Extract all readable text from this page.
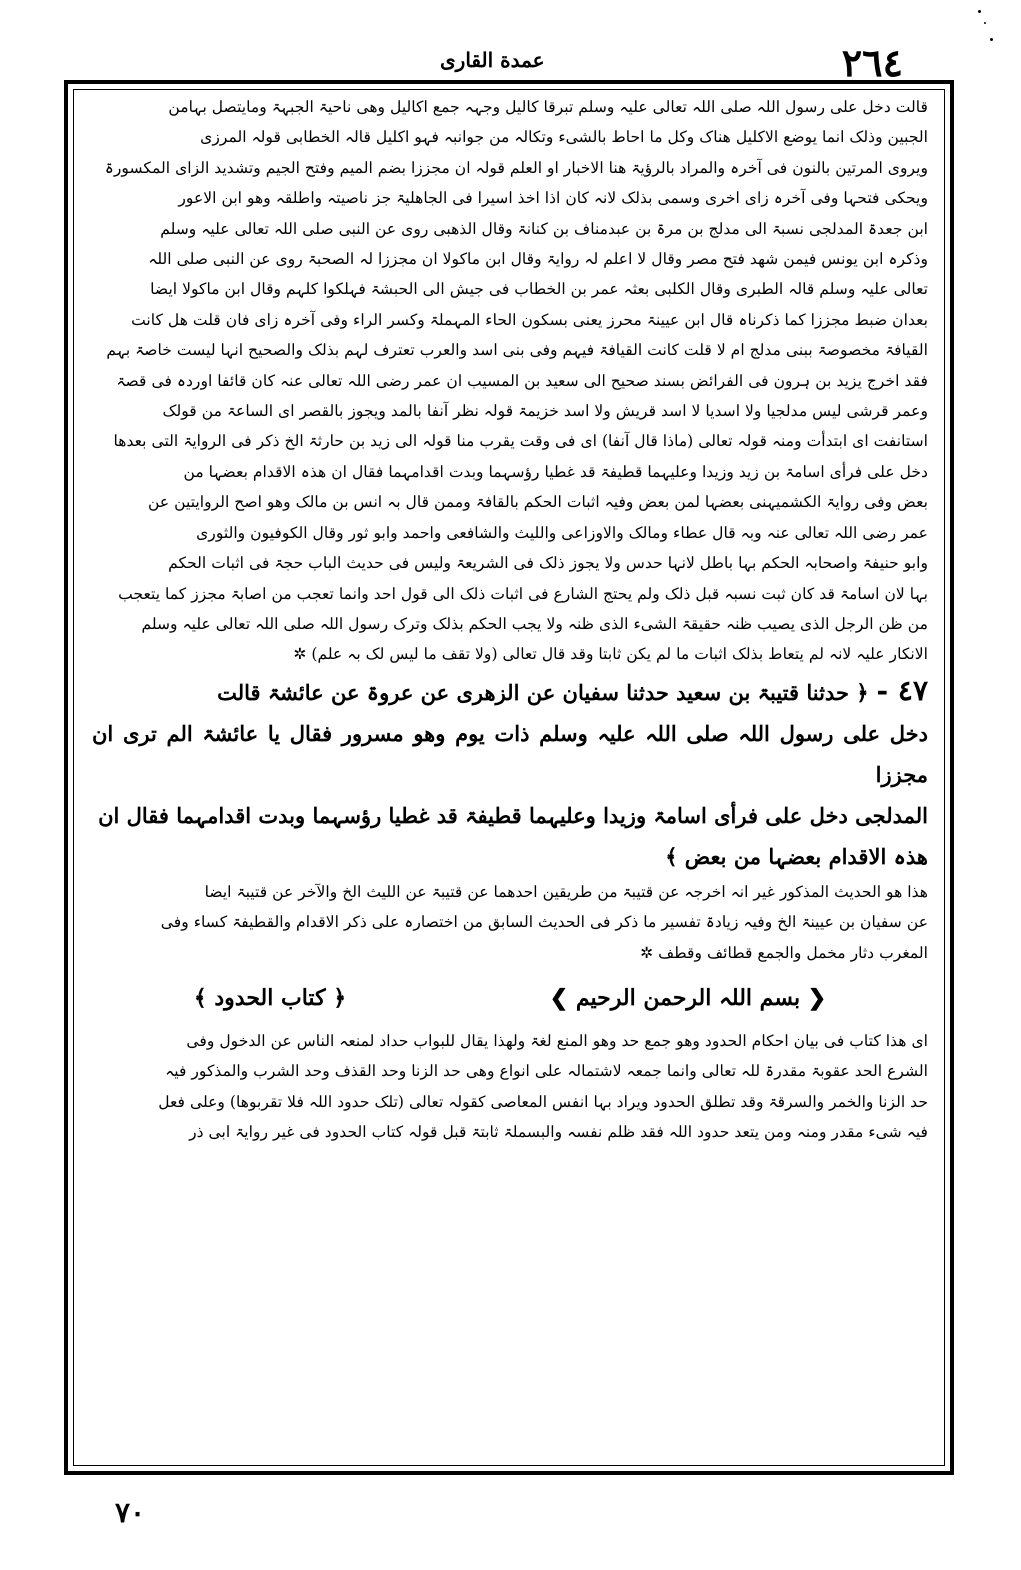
٢٦٤
عمدة القاری

قالت دخل علی رسول اللہ صلی اللہ تعالی علیہ وسلم تبرقا کالیل وجہہ جمع اکالیل وھی ناحیۃ الجبہۃ ومایتصل بہامن

الجبین وذلک انما یوضع الاکلیل ھناک وکل ما احاط بالشیء وتکالہ من جوانبہ فہو اکلیل قالہ الخطابی قولہ المرزی

ویروی المرتین بالنون فی آخرہ والمراد بالرؤیۃ ھنا الاخبار او العلم قولہ ان مجززا بضم المیم وفتح الجیم وتشدید الزای المکسورۃ

ویحکی فتحہا وفی آخرہ زای اخری وسمی بذلک لانہ کان اذا اخذ اسیرا فی الجاھلیۃ جز ناصیتہ واطلقہ وھو ابن الاعور

ابن جعدۃ المدلجی نسبۃ الی مدلج بن مرۃ بن عبدمناف بن کنانۃ وقال الذھبی روی عن النبی صلی اللہ تعالی علیہ وسلم

وذکرہ ابن یونس فیمن شھد فتح مصر وقال لا اعلم لہ روایۃ وقال ابن ماکولا ان مجززا لہ الصحبۃ روی عن النبی صلی اللہ

تعالی علیہ وسلم قالہ الطبری وقال الکلبی بعثہ عمر بن الخطاب فی جیش الی الحبشۃ فہلکوا کلہم وقال ابن ماکولا ایضا

بعدان ضبط مجززا کما ذکرناہ قال ابن عیینۃ محرز یعنی بسکون الحاء المہملۃ وکسر الراء وفی آخرہ زای فان قلت ھل کانت

القیافۃ مخصوصۃ ببنی مدلج ام لا قلت کانت القیافۃ فیہم وفی بنی اسد والعرب تعترف لہم بذلک والصحیح انہا لیست خاصۃ بہم

فقد اخرج یزید بن ہرون فی الفرائض بسند صحیح الی سعید بن المسیب ان عمر رضی اللہ تعالی عنہ کان قائفا اوردہ فی قصۃ

وعمر قرشی لیس مدلجیا ولا اسدیا لا اسد قریش ولا اسد خزیمۃ قولہ نظر آنفا بالمد ویجوز بالقصر ای الساعۃ من قولک

استانفت ای ابتدأت ومنہ قولہ تعالی (ماذا قال آنفا) ای فی وقت یقرب منا قولہ الی زید بن حارثۃ الخ ذکر فی الروایۃ التی بعدھا

دخل علی فرأی اسامۃ بن زید وزیدا وعلیہما قطیفۃ قد غطیا رؤسہما وبدت اقدامہما فقال ان ھذہ الاقدام بعضہا من

بعض وفی روایۃ الکشمیہنی بعضہا لمن بعض وفیہ اثبات الحکم بالقافۃ وممن قال بہ انس بن مالک وھو اصح الروایتین عن

عمر رضی اللہ تعالی عنہ وبہ قال عطاء ومالک والاوزاعی واللیث والشافعی واحمد وابو ثور وقال الکوفیون والثوری

وابو حنیفۃ واصحابہ الحکم بہا باطل لانہا حدس ولا یجوز ذلک فی الشریعۃ ولیس فی حدیث الباب حجۃ فی اثبات الحکم

بہا لان اسامۃ قد کان ثبت نسبہ قبل ذلک ولم یحتج الشارع فی اثبات ذلک الی قول احد وانما تعجب من اصابۃ مجزز کما یتعجب

من ظن الرجل الذی یصیب ظنہ حقیقۃ الشیء الذی ظنہ ولا یجب الحکم بذلک وترک رسول اللہ صلی اللہ تعالی علیہ وسلم

الانکار علیہ لانہ لم یتعاط بذلک اثبات ما لم یکن ثابتا وقد قال تعالی (ولا تقف ما لیس لک بہ علم) ✲

٤٧ -﴿ حدثنا قتیبۃ بن سعید حدثنا سفیان عن الزھری عن عروۃ عن عائشۃ قالت

دخل علی رسول اللہ صلی اللہ علیہ وسلم ذات یوم وھو مسرور فقال یا عائشۃ الم تری ان مجززا

المدلجی دخل علی فرأی اسامۃ وزیدا وعلیہما قطیفۃ قد غطیا رؤسہما وبدت اقدامہما فقال ان

ھذہ الاقدام بعضہا من بعض ﴾

ھذا ھو الحدیث المذکور غیر انہ اخرجہ عن قتیبۃ من طریقین احدھما عن قتیبۃ عن اللیث الخ والآخر عن قتیبۃ ایضا

عن سفیان بن عیینۃ الخ وفیہ زیادۃ تفسیر ما ذکر فی الحدیث السابق من اختصارہ علی ذکر الاقدام والقطیفۃ کساء وفی

المغرب دثار مخمل والجمع قطائف وقطف ✲

❮ بسم اللہ الرحمن الرحیم ❯
﴿ کتاب الحدود ﴾

ای ھذا کتاب فی بیان احکام الحدود وھو جمع حد وھو المنع لغۃ ولھذا یقال للبواب حداد لمنعہ الناس عن الدخول وفی

الشرع الحد عقوبۃ مقدرۃ للہ تعالی وانما جمعہ لاشتمالہ علی انواع وھی حد الزنا وحد القذف وحد الشرب والمذکور فیہ

حد الزنا والخمر والسرقۃ وقد تطلق الحدود ویراد بہا انفس المعاصی کقولہ تعالی (تلک حدود اللہ فلا تقربوھا) وعلی فعل

فیہ شیء مقدر ومنہ ومن یتعد حدود اللہ فقد ظلم نفسہ والبسملۃ ثابتۃ قبل قولہ کتاب الحدود فی غیر روایۃ ابی ذر

٧٠
